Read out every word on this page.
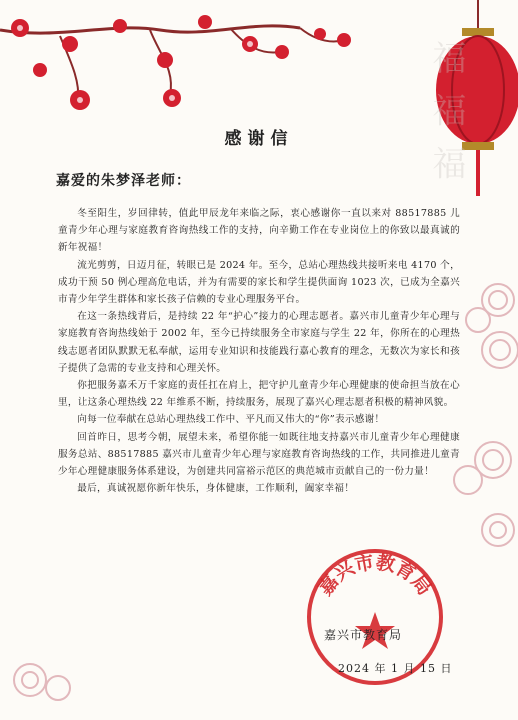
福 福 福
感谢信
嘉爱的朱梦泽老师：

冬至阳生，岁回律转，值此甲辰龙年来临之际，衷心感谢你一直以来对 88517885 儿童青少年心理与家庭教育咨询热线工作的支持，向辛勤工作在专业岗位上的你致以最真诚的新年祝福！

流光剪剪，日迈月征，转眼已是 2024 年。至今，总站心理热线共接听来电 4170 个，成功干预 50 例心理高危电话，并为有需要的家长和学生提供面询 1023 次，已成为全嘉兴市青少年学生群体和家长孩子信赖的专业心理服务平台。

在这一条热线背后，是持续 22 年“护心”接力的心理志愿者。嘉兴市儿童青少年心理与家庭教育咨询热线始于 2002 年，至今已持续服务全市家庭与学生 22 年，你所在的心理热线志愿者团队默默无私奉献，运用专业知识和技能践行嘉心教育的理念，无数次为家长和孩子提供了急需的专业支持和心理关怀。

你把服务嘉禾万千家庭的责任扛在肩上，把守护儿童青少年心理健康的使命担当放在心里，让这条心理热线 22 年维系不断，持续服务，展现了嘉兴心理志愿者积极的精神风貌。

向每一位奉献在总站心理热线工作中、平凡而又伟大的“你”表示感谢！

回首昨日，思考今朝，展望未来，希望你能一如既往地支持嘉兴市儿童青少年心理健康服务总站、88517885 嘉兴市儿童青少年心理与家庭教育咨询热线的工作，共同推进儿童青少年心理健康服务体系建设，为创建共同富裕示范区的典范城市贡献自己的一份力量！

最后，真诚祝愿你新年快乐，身体健康，工作顺利，阖家幸福！

嘉兴市教育局
嘉兴市教育局
2024 年 1 月 15 日
